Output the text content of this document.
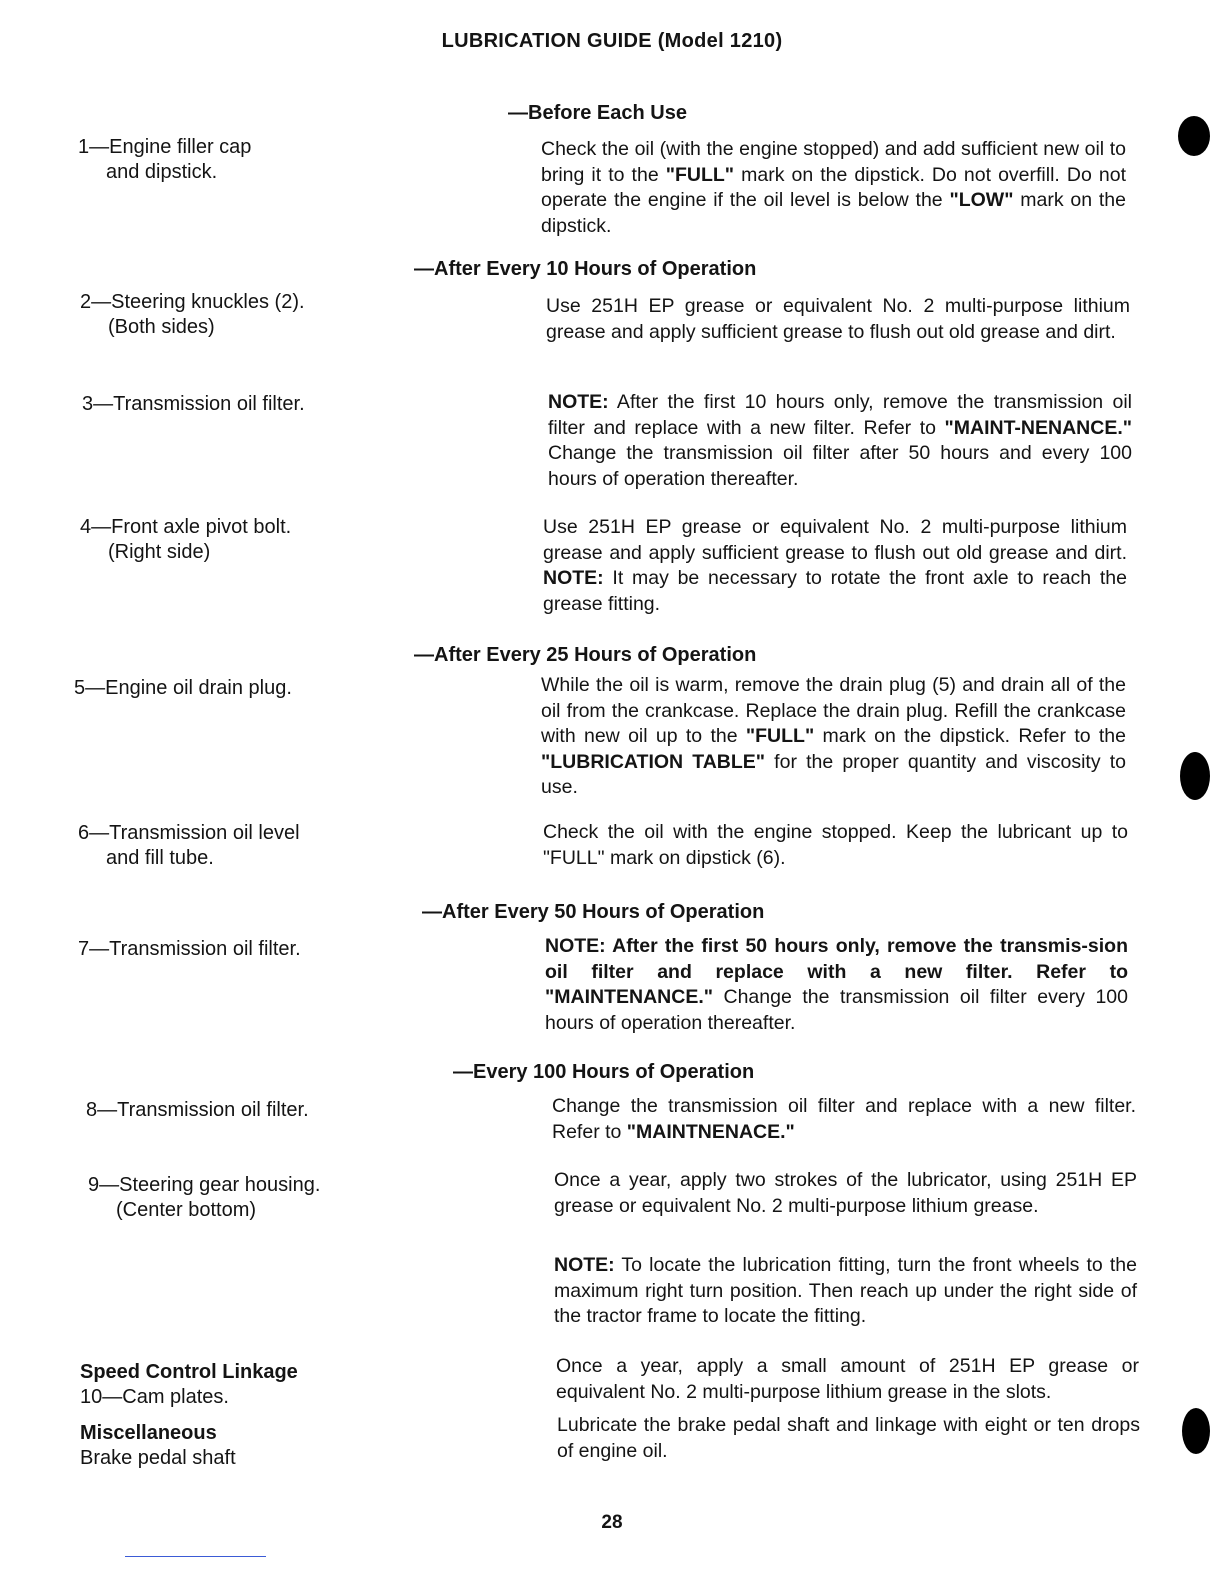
LUBRICATION GUIDE (Model 1210)
—Before Each Use
1—Engine filler cap
and dipstick.

Check the oil (with the engine stopped) and add sufficient new oil to bring it to the "FULL" mark on the dipstick. Do not overfill. Do not operate the engine if the oil level is below the "LOW" mark on the dipstick.

—After Every 10 Hours of Operation
2—Steering knuckles (2).
(Both sides)

Use 251H EP grease or equivalent No. 2 multi-purpose lithium grease and apply sufficient grease to flush out old grease and dirt.

3—Transmission oil filter.	NOTE: After the first 10 hours only, remove the transmission oil filter and replace with a new filter. Refer to "MAINT-NENANCE." Change the transmission oil filter after 50 hours and every 100 hours of operation thereafter.

4—Front axle pivot bolt.
(Right side)

Use 251H EP grease or equivalent No. 2 multi-purpose lithium grease and apply sufficient grease to flush out old grease and dirt. NOTE: It may be necessary to rotate the front axle to reach the grease fitting.

—After Every 25 Hours of Operation
5—Engine oil drain plug.	While the oil is warm, remove the drain plug (5) and drain all of the oil from the crankcase. Replace the drain plug. Refill the crankcase with new oil up to the "FULL" mark on the dipstick. Refer to the "LUBRICATION TABLE" for the proper quantity and viscosity to use.

6—Transmission oil level
and fill tube.

Check the oil with the engine stopped. Keep the lubricant up to "FULL" mark on dipstick (6).

—After Every 50 Hours of Operation
7—Transmission oil filter.	NOTE: After the first 50 hours only, remove the transmis-sion oil filter and replace with a new filter. Refer to "MAINTENANCE." Change the transmission oil filter every 100 hours of operation thereafter.

—Every 100 Hours of Operation
8—Transmission oil filter.	Change the transmission oil filter and replace with a new filter. Refer to "MAINTNENACE."

9—Steering gear housing.
(Center bottom)

Once a year, apply two strokes of the lubricator, using 251H EP grease or equivalent No. 2 multi-purpose lithium grease.

NOTE: To locate the lubrication fitting, turn the front wheels to the maximum right turn position. Then reach up under the right side of the tractor frame to locate the fitting.

Speed Control Linkage
10—Cam plates.

Once a year, apply a small amount of 251H EP grease or equivalent No. 2 multi-purpose lithium grease in the slots.

Miscellaneous
Brake pedal shaft

Lubricate the brake pedal shaft and linkage with eight or ten drops of engine oil.

28
